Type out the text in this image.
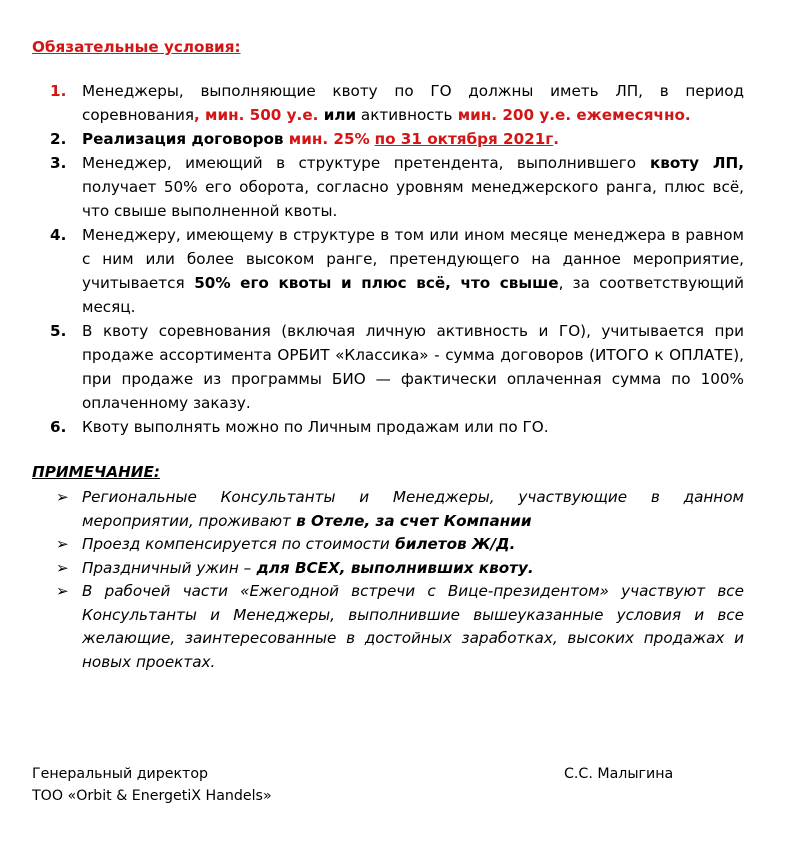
Обязательные условия:
1. Менеджеры, выполняющие квоту по ГО должны иметь ЛП, в период соревнования, мин. 500 у.е. или активность мин. 200 у.е. ежемесячно.
2. Реализация договоров мин. 25% по 31 октября 2021г.
3. Менеджер, имеющий в структуре претендента, выполнившего квоту ЛП, получает 50% его оборота, согласно уровням менеджерского ранга, плюс всё, что свыше выполненной квоты.
4. Менеджеру, имеющему в структуре в том или ином месяце менеджера в равном с ним или более высоком ранге, претендующего на данное мероприятие, учитывается 50% его квоты и плюс всё, что свыше, за соответствующий месяц.
5. В квоту соревнования (включая личную активность и ГО), учитывается при продаже ассортимента ОРБИТ «Классика» - сумма договоров (ИТОГО к ОПЛАТЕ), при продаже из программы БИО — фактически оплаченная сумма по 100% оплаченному заказу.
6. Квоту выполнять можно по Личным продажам или по ГО.
ПРИМЕЧАНИЕ:
➢ Региональные Консультанты и Менеджеры, участвующие в данном мероприятии, проживают в Отеле, за счет Компании
➢ Проезд компенсируется по стоимости билетов Ж/Д.
➢ Праздничный ужин – для ВСЕХ, выполнивших квоту.
➢ В рабочей части «Ежегодной встречи с Вице-президентом» участвуют все Консультанты и Менеджеры, выполнившие вышеуказанные условия и все желающие, заинтересованные в достойных заработках, высоких продажах и новых проектах.
Генеральный директор
ТОО «Orbit & EnergetiX Handels»
С.С. Малыгина
